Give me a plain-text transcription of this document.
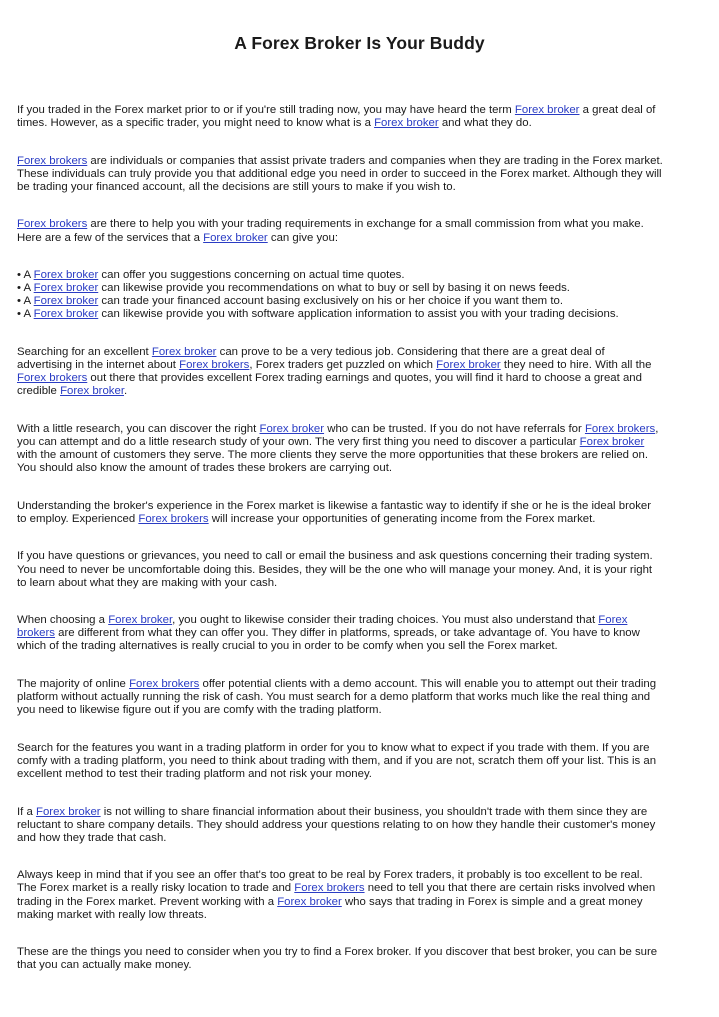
A Forex Broker Is Your Buddy

If you traded in the Forex market prior to or if you're still trading now, you may have heard the term Forex broker a great deal of
times. However, as a specific trader, you might need to know what is a Forex broker and what they do.

Forex brokers are individuals or companies that assist private traders and companies when they are trading in the Forex market.
These individuals can truly provide you that additional edge you need in order to succeed in the Forex market. Although they will
be trading your financed account, all the decisions are still yours to make if you wish to.

Forex brokers are there to help you with your trading requirements in exchange for a small commission from what you make.
Here are a few of the services that a Forex broker can give you:

• A Forex broker can offer you suggestions concerning on actual time quotes.
• A Forex broker can likewise provide you recommendations on what to buy or sell by basing it on news feeds.
• A Forex broker can trade your financed account basing exclusively on his or her choice if you want them to.
• A Forex broker can likewise provide you with software application information to assist you with your trading decisions.

Searching for an excellent Forex broker can prove to be a very tedious job. Considering that there are a great deal of
advertising in the internet about Forex brokers, Forex traders get puzzled on which Forex broker they need to hire. With all the
Forex brokers out there that provides excellent Forex trading earnings and quotes, you will find it hard to choose a great and
credible Forex broker.

With a little research, you can discover the right Forex broker who can be trusted. If you do not have referrals for Forex brokers,
you can attempt and do a little research study of your own. The very first thing you need to discover a particular Forex broker
with the amount of customers they serve. The more clients they serve the more opportunities that these brokers are relied on.
You should also know the amount of trades these brokers are carrying out.

Understanding the broker's experience in the Forex market is likewise a fantastic way to identify if she or he is the ideal broker
to employ. Experienced Forex brokers will increase your opportunities of generating income from the Forex market.

If you have questions or grievances, you need to call or email the business and ask questions concerning their trading system.
You need to never be uncomfortable doing this. Besides, they will be the one who will manage your money. And, it is your right
to learn about what they are making with your cash.

When choosing a Forex broker, you ought to likewise consider their trading choices. You must also understand that Forex
brokers are different from what they can offer you. They differ in platforms, spreads, or take advantage of. You have to know
which of the trading alternatives is really crucial to you in order to be comfy when you sell the Forex market.

The majority of online Forex brokers offer potential clients with a demo account. This will enable you to attempt out their trading
platform without actually running the risk of cash. You must search for a demo platform that works much like the real thing and
you need to likewise figure out if you are comfy with the trading platform.

Search for the features you want in a trading platform in order for you to know what to expect if you trade with them. If you are
comfy with a trading platform, you need to think about trading with them, and if you are not, scratch them off your list. This is an
excellent method to test their trading platform and not risk your money.

If a Forex broker is not willing to share financial information about their business, you shouldn't trade with them since they are
reluctant to share company details. They should address your questions relating to on how they handle their customer's money
and how they trade that cash.

Always keep in mind that if you see an offer that's too great to be real by Forex traders, it probably is too excellent to be real.
The Forex market is a really risky location to trade and Forex brokers need to tell you that there are certain risks involved when
trading in the Forex market. Prevent working with a Forex broker who says that trading in Forex is simple and a great money
making market with really low threats.

These are the things you need to consider when you try to find a Forex broker. If you discover that best broker, you can be sure
that you can actually make money.
